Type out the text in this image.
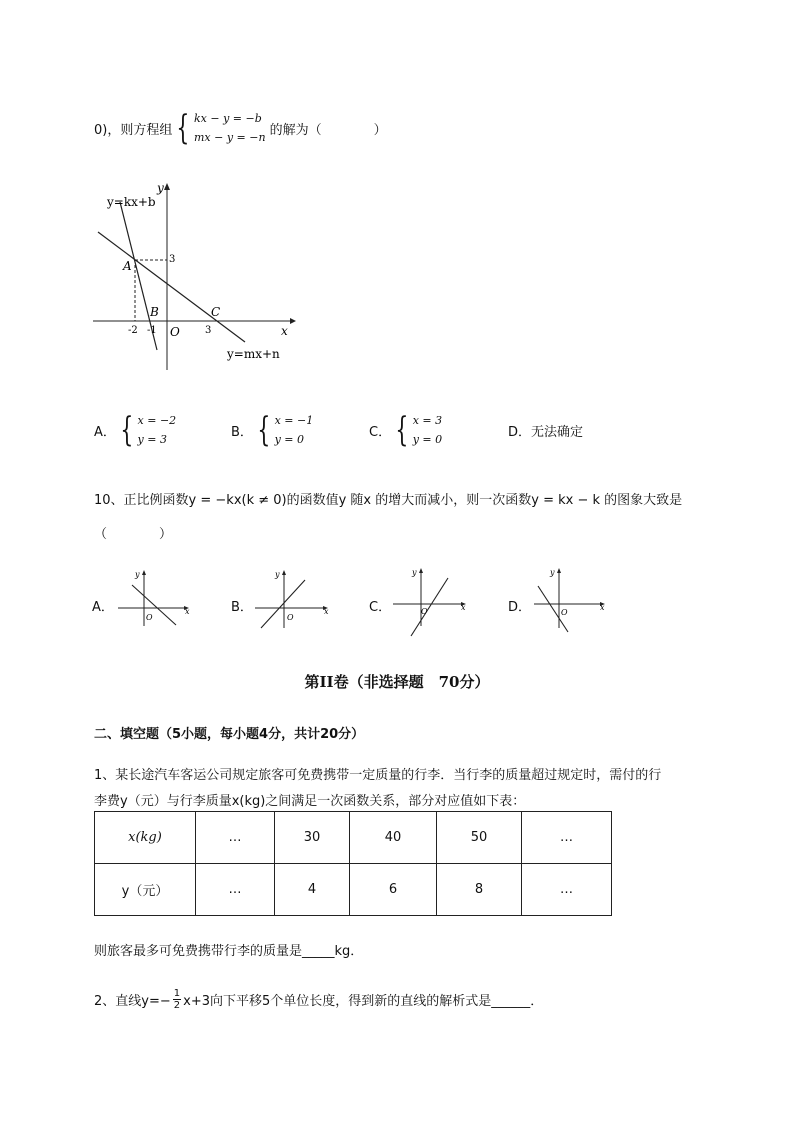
0)，则方程组 { kx − y = −b
mx − y = −n 的解为（　　　　）
y
x
y=kx+b
y=mx+n
A
B	C
O
3
-2 -1	3
A． { x = −2
y = 3	B． { x = −1
y = 0	C． { x = 3
y = 0	D．无法确定
10、正比例函数y = −kx(k ≠ 0)的函数值y 随x 的增大而减小，则一次函数y = kx − k 的图象大致是
（　　　　）
A．
y
x
O
B．
y
x
O
C．
y
x
O	D．
y
x
O
第II卷（非选择题　70分）
二、填空题（5小题，每小题4分，共计20分）
1、某长途汽车客运公司规定旅客可免费携带一定质量的行李．当行李的质量超过规定时，需付的行
李费y（元）与行李质量x(kg)之间满足一次函数关系，部分对应值如下表：
x(kg)	…	30	40	50	…
y（元）	…	4	6	8	…
则旅客最多可免费携带行李的质量是_____kg．
2、直线$y=- \frac{1}{2} x+3$向下平移5个单位长度，得到新的直线的解析式是______．
